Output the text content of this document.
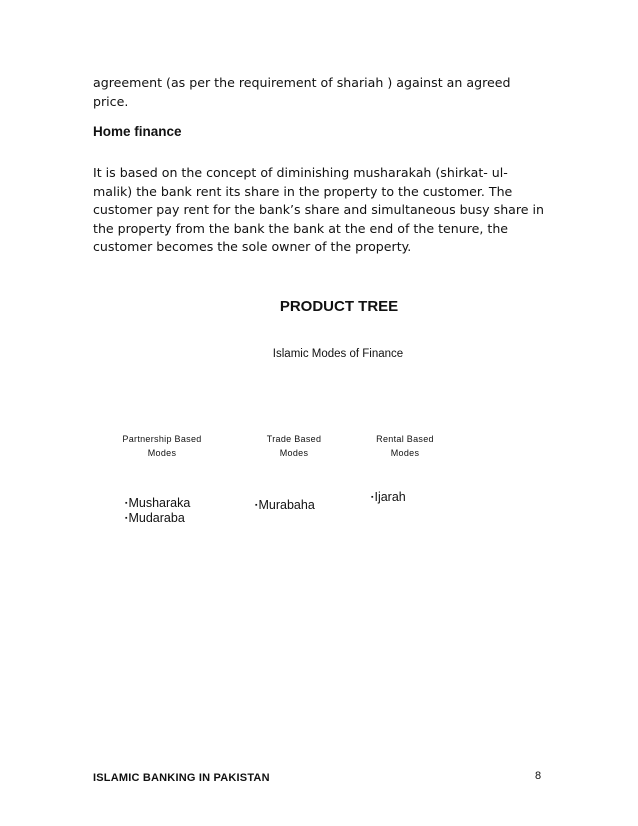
agreement (as per the requirement of shariah ) against an agreed
price.

Home finance

It is based on the concept of diminishing musharakah (shirkat- ul-
malik) the bank rent its share in the property to the customer. The
customer pay rent for the bank’s share and simultaneous busy share in
the property from the bank the bank at the end of the tenure, the
customer becomes the sole owner of the property.

PRODUCT TREE
Islamic Modes of Finance
Partnership Based
Modes
Trade Based
Modes
Rental Based
Modes
▪Musharaka
▪Mudaraba
▪Murabaha
▪Ijarah
ISLAMIC BANKING IN PAKISTAN	8
